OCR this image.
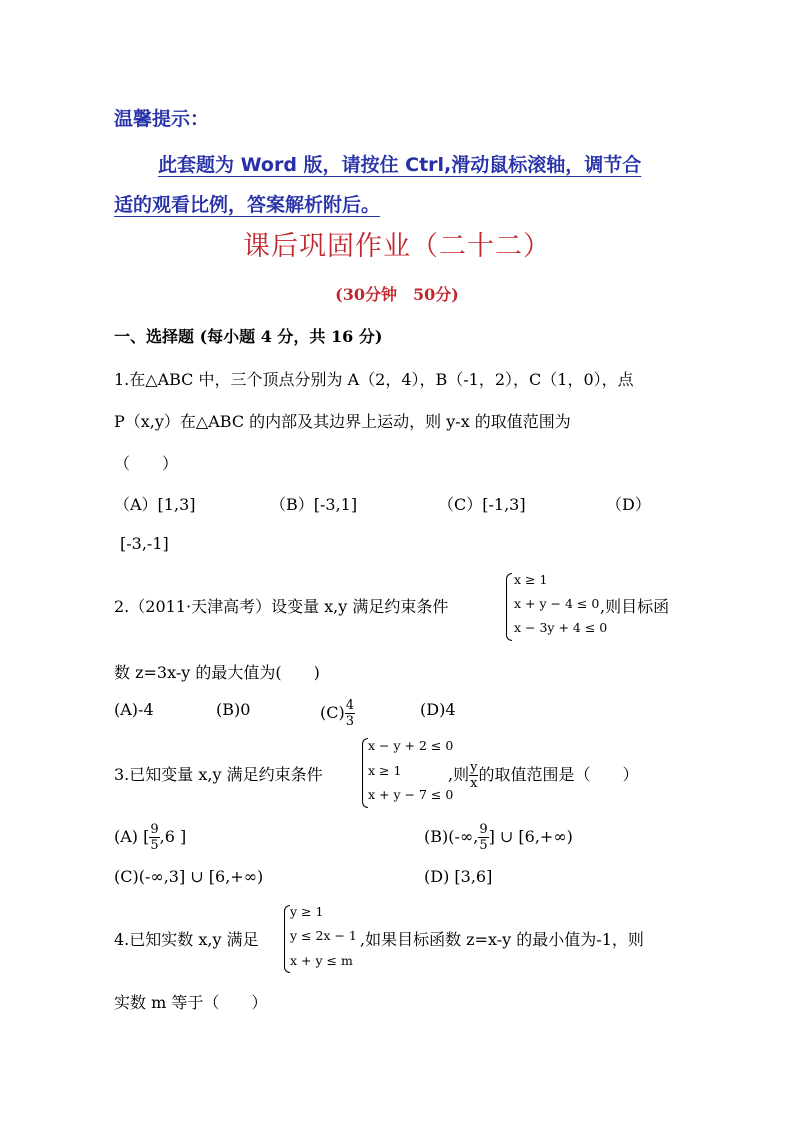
温馨提示：
此套题为 Word 版，请按住 Ctrl,滑动鼠标滚轴，调节合
适的观看比例，答案解析附后。
课后巩固作业（二十二）
(30分钟　50分)
一、选择题 (每小题 4 分，共 16 分)
1.在△ABC 中，三个顶点分别为 A（2，4），B（-1，2），C（1，0），点
P（x,y）在△ABC 的内部及其边界上运动，则 y-x 的取值范围为
（　　）
（A）[1,3]	（B）[-3,1]	（C）[-1,3]	（D）
[-3,-1]
2.（2011·天津高考）设变量 x,y 满足约束条件
x ≥ 1
x + y − 4 ≤ 0
x − 3y + 4 ≤ 0
,则目标函
数 z=3x-y 的最大值为(　　)
(A)-4	(B)0	$(C) \frac{4}{3}$	(D)4
3.已知变量 x,y 满足约束条件
x − y + 2 ≤ 0
x ≥ 1
x + y − 7 ≤ 0
,则 $\frac{y}{x}$ 的取值范围是（　　）
(A) [ $\frac{9}{5} ,6$ ]	(B)(-∞, $\frac{9}{5}$ ] ∪ [6,+∞)
(C)(-∞,3] ∪ [6,+∞)	(D) [3,6]
4.已知实数 x,y 满足
y ≥ 1
y ≤ 2x − 1
x + y ≤ m
,如果目标函数 z=x-y 的最小值为-1，则
实数 m 等于（　　）
